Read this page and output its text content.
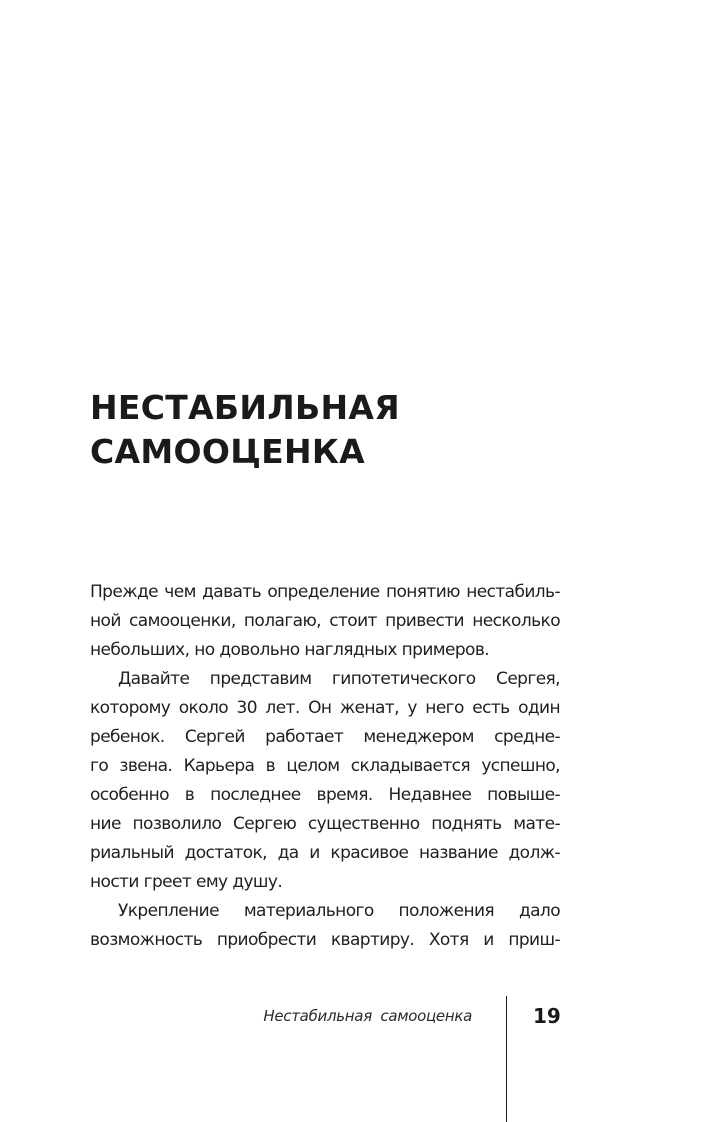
НЕСТАБИЛЬНАЯ
САМООЦЕНКА
Прежде чем давать определение понятию нестабиль-
ной самооценки, полагаю, стоит привести несколько
небольших, но довольно наглядных примеров.
Давайте представим гипотетического Сергея,
которому около 30 лет. Он женат, у него есть один
ребенок. Сергей работает менеджером средне-
го звена. Карьера в целом складывается успешно,
особенно в последнее время. Недавнее повыше-
ние позволило Сергею существенно поднять мате-
риальный достаток, да и красивое название долж-
ности греет ему душу.
Укрепление материального положения дало
возможность приобрести квартиру. Хотя и приш-
Нестабильная самооценка	19
